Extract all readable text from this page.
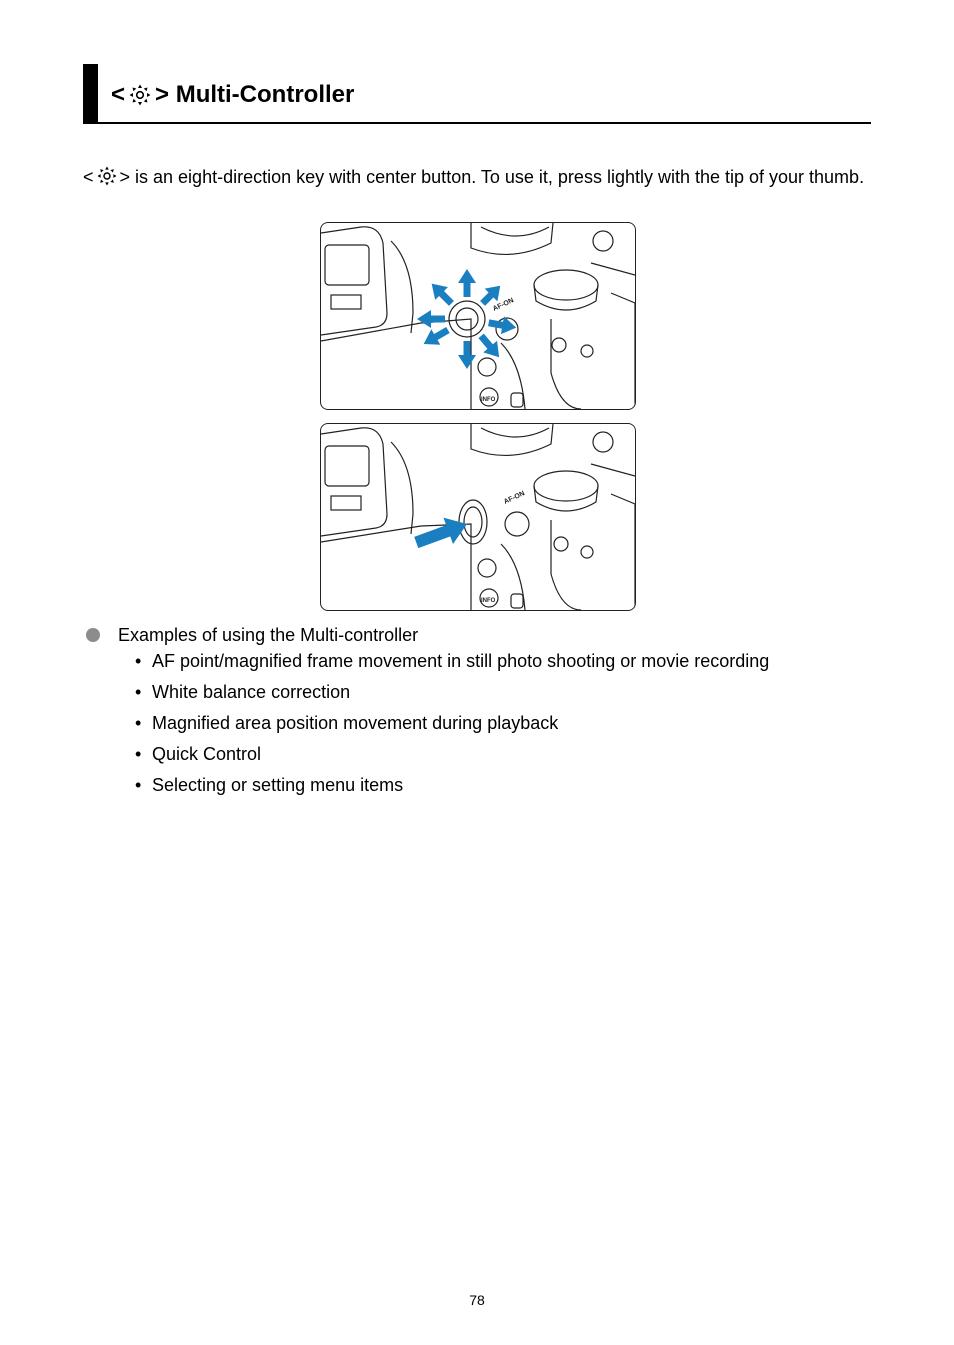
< > Multi-Controller
< > is an eight-direction key with center button. To use it, press lightly with the tip of your thumb.
AF-ON
INFO
AF-ON
INFO
Examples of using the Multi-controller
• AF point/magnified frame movement in still photo shooting or movie recording
• White balance correction
• Magnified area position movement during playback
• Quick Control
• Selecting or setting menu items
78
